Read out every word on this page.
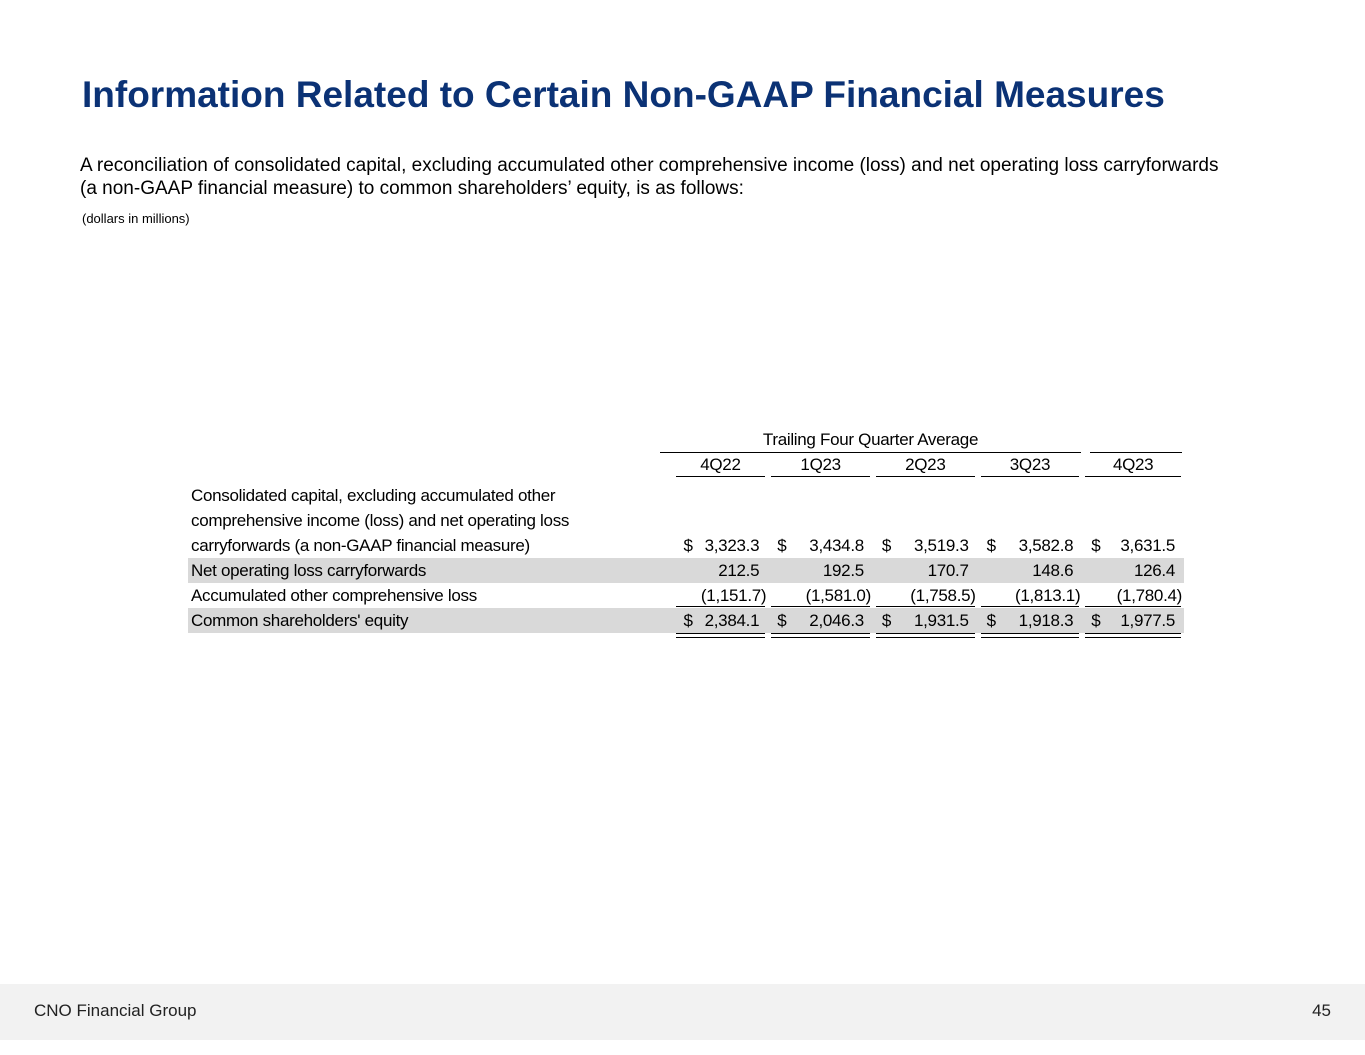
Information Related to Certain Non-GAAP Financial Measures

A reconciliation of consolidated capital, excluding accumulated other comprehensive income (loss) and net operating loss carryforwards (a non-GAAP financial measure) to common shareholders’ equity, is as follows:

(dollars in millions)
Trailing Four Quarter Average
4Q22	1Q23	2Q23	3Q23	4Q23
Consolidated capital, excluding accumulated other
comprehensive income (loss) and net operating loss
carryforwards (a non-GAAP financial measure)	$ 3,323.3	$ 3,434.8	$ 3,519.3	$ 3,582.8	$ 3,631.5
Net operating loss carryforwards	212.5	192.5	170.7	148.6	126.4
Accumulated other comprehensive loss	(1,151.7)	(1,581.0)	(1,758.5)	(1,813.1)	(1,780.4)
Common shareholders' equity	$ 2,384.1	$ 2,046.3	$ 1,931.5	$ 1,918.3	$ 1,977.5
CNO Financial Group	45
